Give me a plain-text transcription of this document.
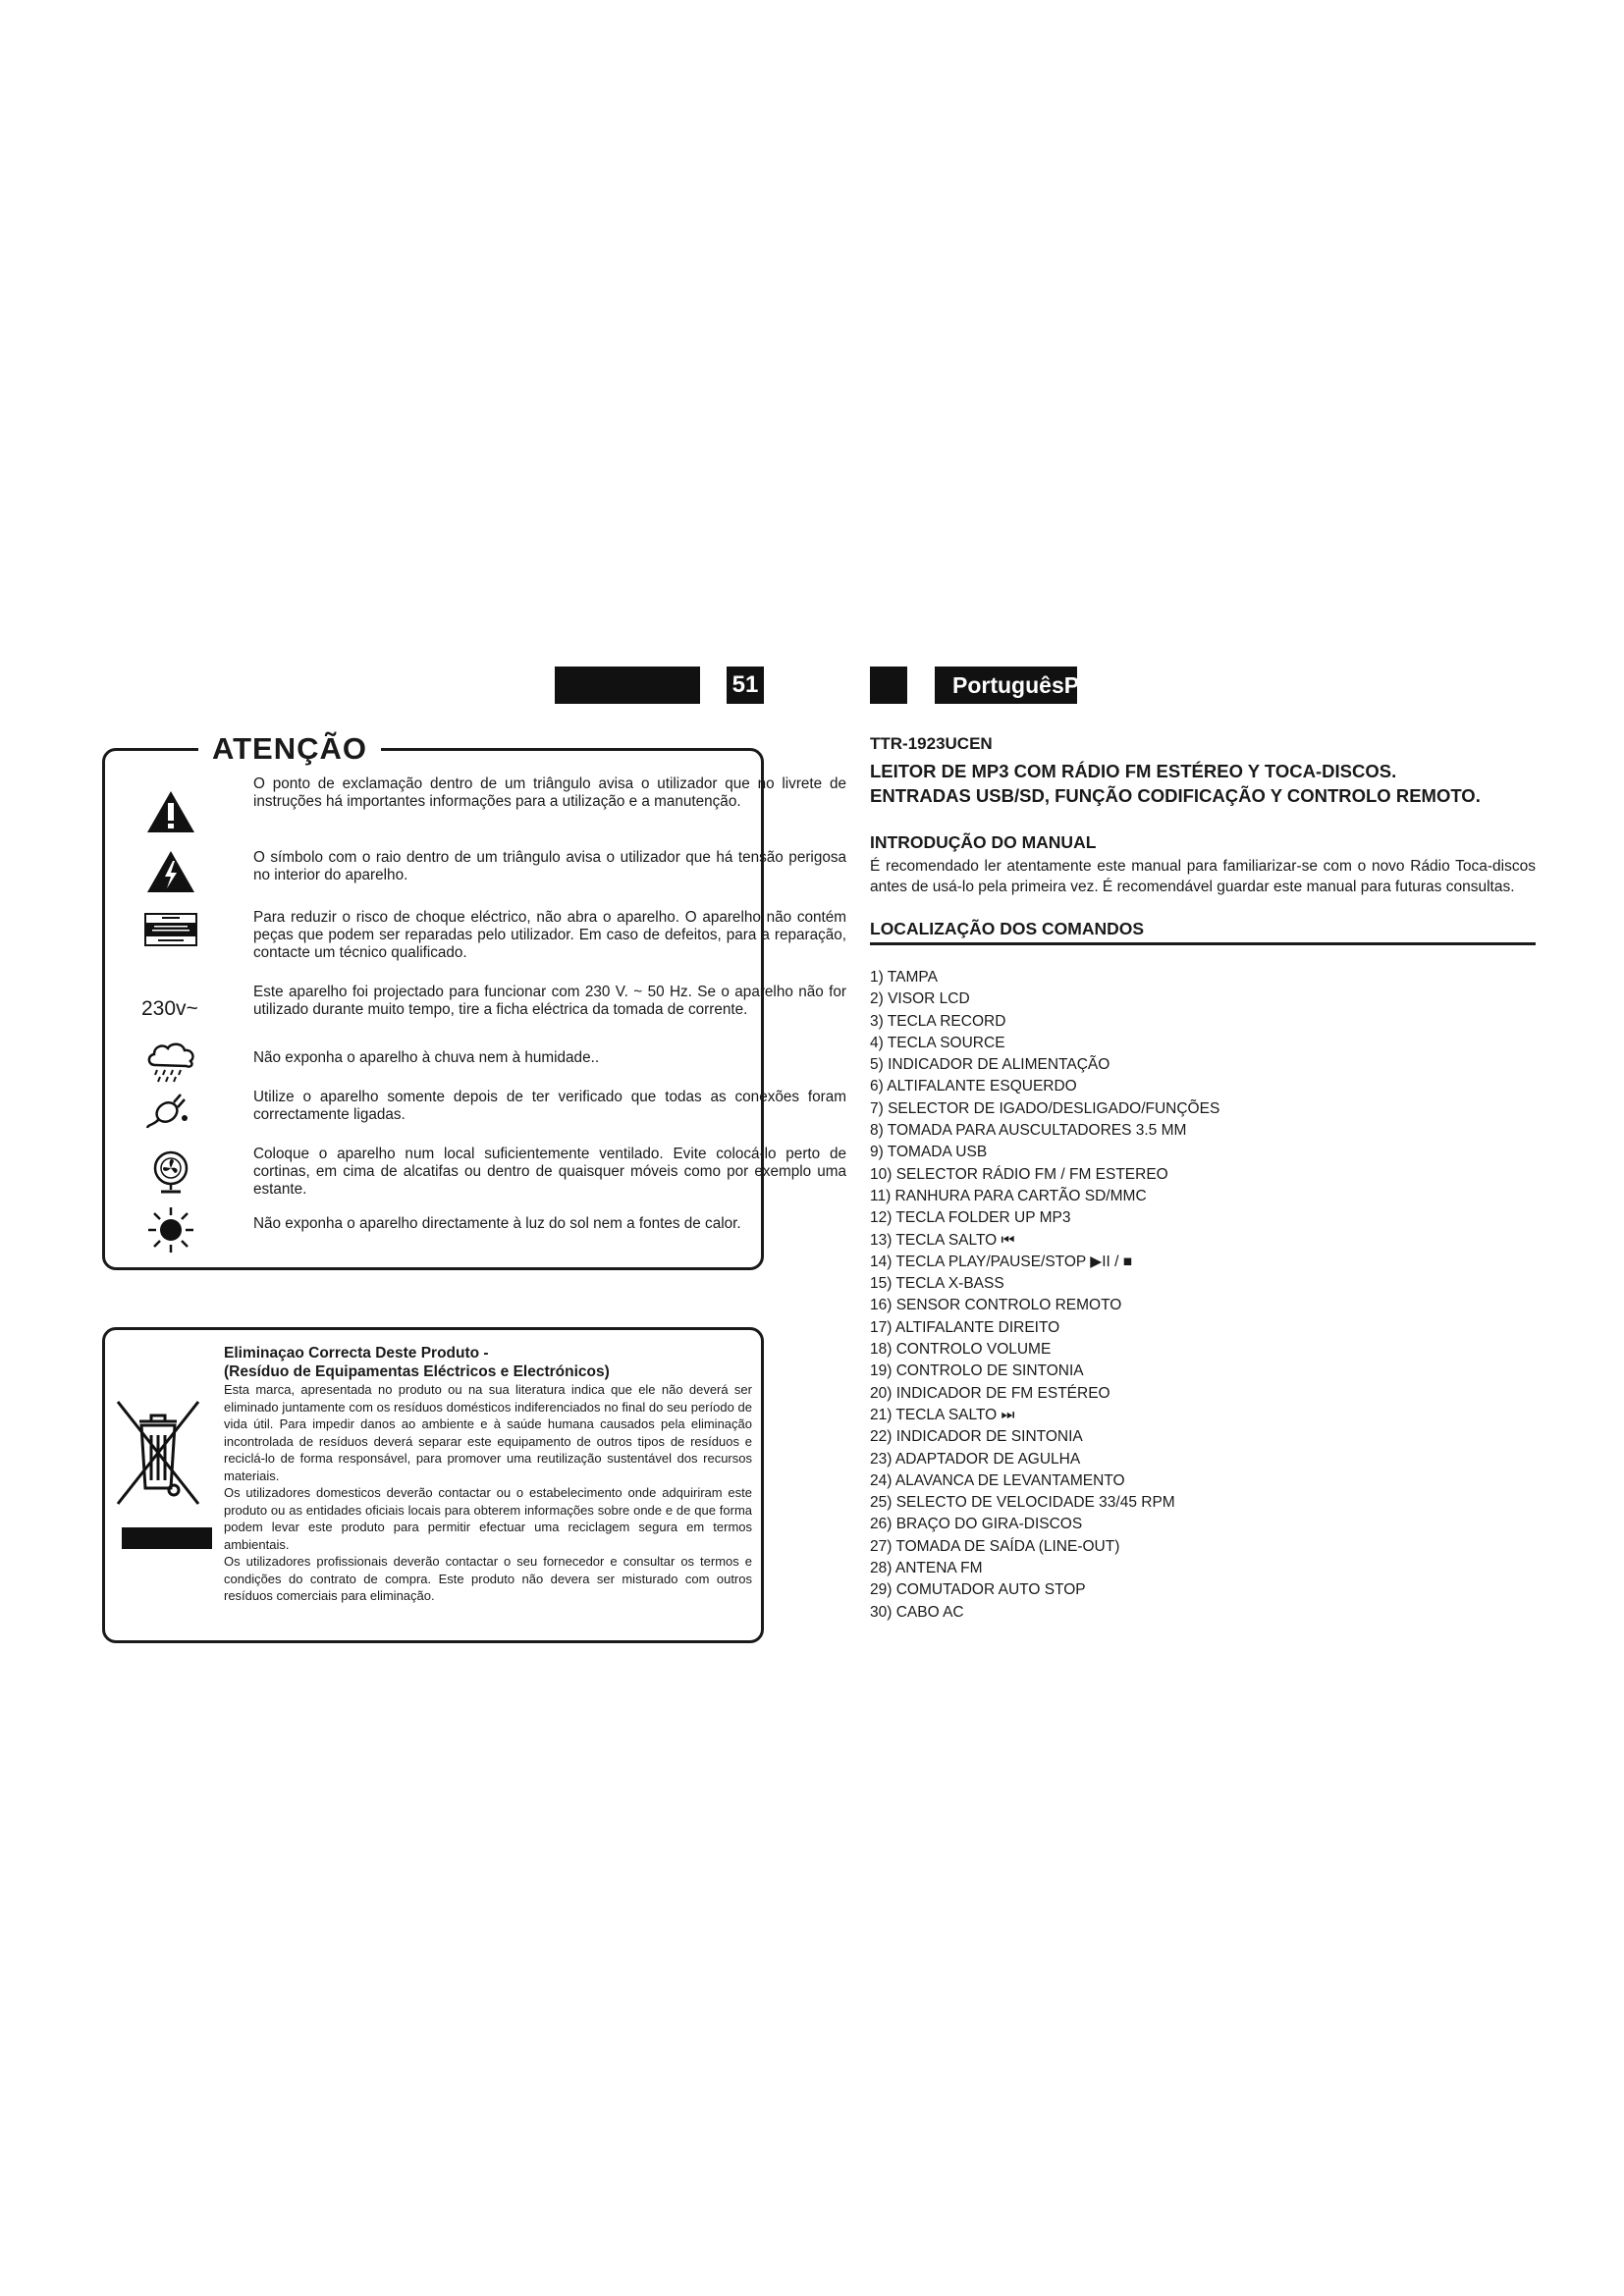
51	PortuguêsPortuguês
ATENÇÃO
O ponto de exclamação dentro de um triângulo avisa o utilizador que no livrete de instruções há importantes informações para a utilização e a manutenção.
O símbolo com o raio dentro de um triângulo avisa o utilizador que há tensão perigosa no interior do aparelho.
Para reduzir o risco de choque eléctrico, não abra o aparelho. O aparelho não contém peças que podem ser reparadas pelo utilizador. Em caso de defeitos, para a reparação, contacte um técnico qualificado.
230v~
Este aparelho foi projectado para funcionar com 230 V. ~ 50 Hz. Se o aparelho não for utilizado durante muito tempo, tire a ficha eléctrica da tomada de corrente.
Não exponha o aparelho à chuva nem à humidade..
Utilize o aparelho somente depois de ter verificado que todas as conexões foram correctamente ligadas.
Coloque o aparelho num local suficientemente ventilado. Evite colocá-lo perto de cortinas, em cima de alcatifas ou dentro de quaisquer móveis como por exemplo uma estante.
Não exponha o aparelho directamente à luz do sol nem a fontes de calor.
Eliminaçao Correcta Deste Produto -
(Resíduo de Equipamentas Eléctricos e Electrónicos)
Esta marca, apresentada no produto ou na sua literatura indica que ele não deverá ser eliminado juntamente com os resíduos domésticos indiferenciados no final do seu período de vida útil. Para impedir danos ao ambiente e à saúde humana causados pela eliminação incontrolada de resíduos deverá separar este equipamento de outros tipos de resíduos e reciclá-lo de forma responsável, para promover uma reutilização sustentável dos recursos materiais.
Os utilizadores domesticos deverão contactar ou o estabelecimento onde adquiriram este produto ou as entidades oficiais locais para obterem informações sobre onde e de que forma podem levar este produto para permitir efectuar uma reciclagem segura em termos ambientais.
Os utilizadores profissionais deverão contactar o seu fornecedor e consultar os termos e condições do contrato de compra. Este produto não devera ser misturado com outros resíduos comerciais para eliminação.
TTR-1923UCEN
LEITOR DE MP3 COM RÁDIO FM ESTÉREO Y TOCA-DISCOS.
ENTRADAS USB/SD, FUNÇÃO CODIFICAÇÃO Y CONTROLO REMOTO.
INTRODUÇÃO DO MANUAL
É recomendado ler atentamente este manual para familiarizar-se com o novo Rádio Toca-discos antes de usá-lo pela primeira vez. É recomendável guardar este manual para futuras consultas.
LOCALIZAÇÃO DOS COMANDOS
1) TAMPA
2) VISOR LCD
3) TECLA RECORD
4) TECLA SOURCE
5) INDICADOR DE ALIMENTAÇÃO
6) ALTIFALANTE ESQUERDO
7) SELECTOR DE IGADO/DESLIGADO/FUNÇÕES
8) TOMADA PARA AUSCULTADORES 3.5 MM
9) TOMADA USB
10) SELECTOR RÁDIO FM / FM ESTEREO
11) RANHURA PARA CARTÃO SD/MMC
12) TECLA FOLDER UP MP3
13) TECLA SALTO ⏮
14) TECLA PLAY/PAUSE/STOP ▶II / ■
15) TECLA X-BASS
16) SENSOR CONTROLO REMOTO
17) ALTIFALANTE DIREITO
18) CONTROLO VOLUME
19) CONTROLO DE SINTONIA
20) INDICADOR DE FM ESTÉREO
21) TECLA SALTO ⏭
22) INDICADOR DE SINTONIA
23) ADAPTADOR DE AGULHA
24) ALAVANCA DE LEVANTAMENTO
25) SELECTO DE VELOCIDADE 33/45 RPM
26) BRAÇO DO GIRA-DISCOS
27) TOMADA DE SAÍDA (LINE-OUT)
28) ANTENA FM
29) COMUTADOR AUTO STOP
30) CABO AC
